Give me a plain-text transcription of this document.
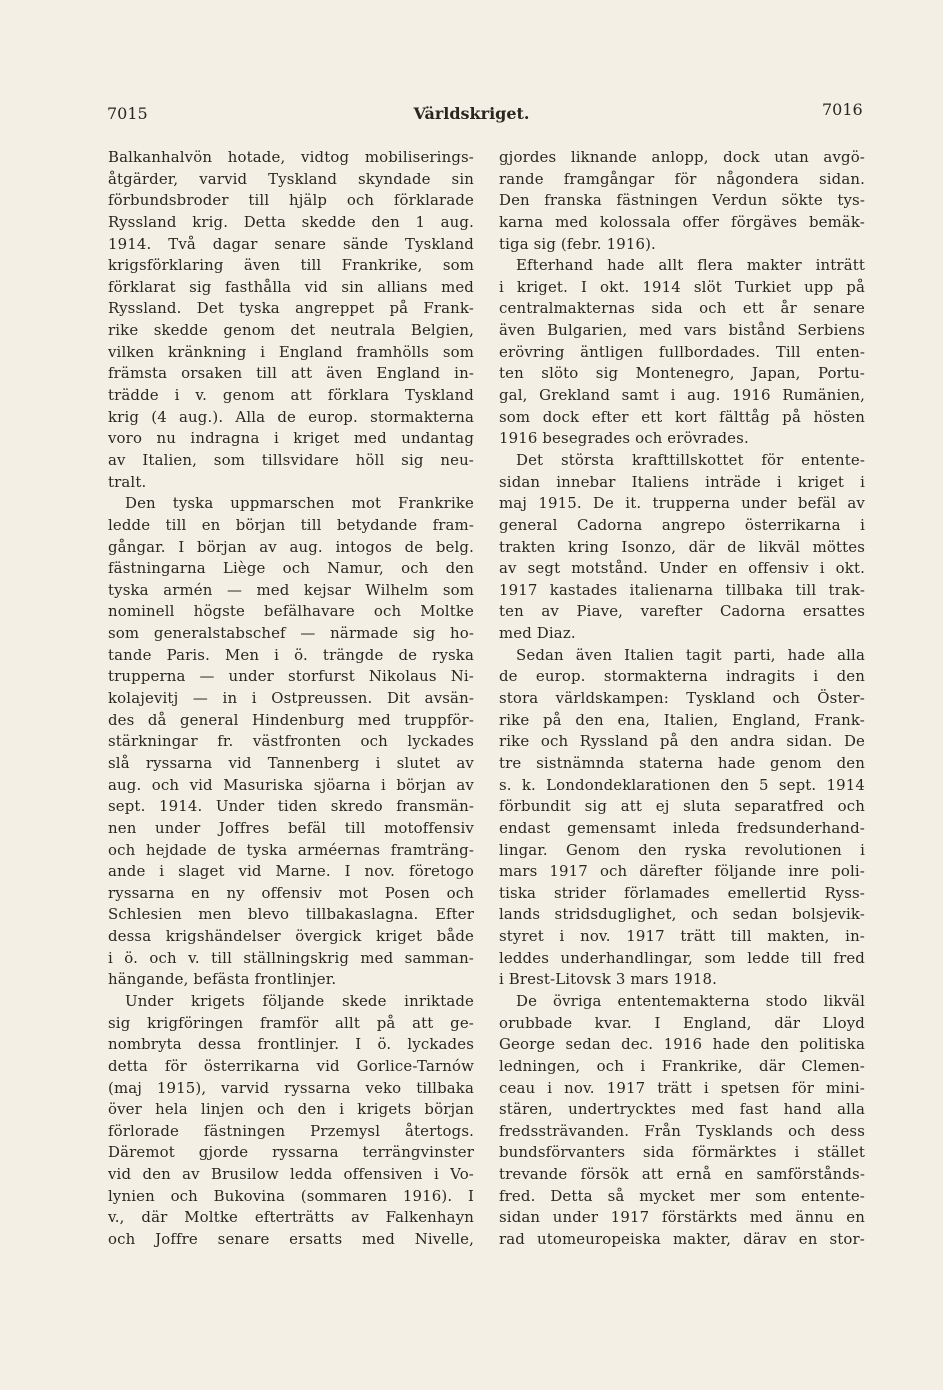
7015	Världskriget.	7016
Balkanhalvön hotade, vidtog mobiliserings-
åtgärder, varvid Tyskland skyndade sin
förbundsbroder till hjälp och förklarade
Ryssland krig. Detta skedde den 1 aug.
1914. Två dagar senare sände Tyskland
krigsförklaring även till Frankrike, som
förklarat sig fasthålla vid sin allians med
Ryssland. Det tyska angreppet på Frank-
rike skedde genom det neutrala Belgien,
vilken kränkning i England framhölls som
främsta orsaken till att även England in-
trädde i v. genom att förklara Tyskland
krig (4 aug.). Alla de europ. stormakterna
voro nu indragna i kriget med undantag
av Italien, som tillsvidare höll sig neu-
tralt.
Den tyska uppmarschen mot Frankrike
ledde till en början till betydande fram-
gångar. I början av aug. intogos de belg.
fästningarna Liège och Namur, och den
tyska armén — med kejsar Wilhelm som
nominell högste befälhavare och Moltke
som generalstabschef — närmade sig ho-
tande Paris. Men i ö. trängde de ryska
trupperna — under storfurst Nikolaus Ni-
kolajevitj — in i Ostpreussen. Dit avsän-
des då general Hindenburg med truppför-
stärkningar fr. västfronten och lyckades
slå ryssarna vid Tannenberg i slutet av
aug. och vid Masuriska sjöarna i början av
sept. 1914. Under tiden skredo fransmän-
nen under Joffres befäl till motoffensiv
och hejdade de tyska arméernas framträng-
ande i slaget vid Marne. I nov. företogo
ryssarna en ny offensiv mot Posen och
Schlesien men blevo tillbakaslagna. Efter
dessa krigshändelser övergick kriget både
i ö. och v. till ställningskrig med samman-
hängande, befästa frontlinjer.
Under krigets följande skede inriktade
sig krigföringen framför allt på att ge-
nombryta dessa frontlinjer. I ö. lyckades
detta för österrikarna vid Gorlice-Tarnów
(maj 1915), varvid ryssarna veko tillbaka
över hela linjen och den i krigets början
förlorade fästningen Przemysl återtogs.
Däremot gjorde ryssarna terrängvinster
vid den av Brusilow ledda offensiven i Vo-
lynien och Bukovina (sommaren 1916). I
v., där Moltke efterträtts av Falkenhayn
och Joffre senare ersatts med Nivelle,
gjordes liknande anlopp, dock utan avgö-
rande framgångar för någondera sidan.
Den franska fästningen Verdun sökte tys-
karna med kolossala offer förgäves bemäk-
tiga sig (febr. 1916).
Efterhand hade allt flera makter inträtt
i kriget. I okt. 1914 slöt Turkiet upp på
centralmakternas sida och ett år senare
även Bulgarien, med vars bistånd Serbiens
erövring äntligen fullbordades. Till enten-
ten slöto sig Montenegro, Japan, Portu-
gal, Grekland samt i aug. 1916 Rumänien,
som dock efter ett kort fälttåg på hösten
1916 besegrades och erövrades.
Det största krafttillskottet för entente-
sidan innebar Italiens inträde i kriget i
maj 1915. De it. trupperna under befäl av
general Cadorna angrepo österrikarna i
trakten kring Isonzo, där de likväl möttes
av segt motstånd. Under en offensiv i okt.
1917 kastades italienarna tillbaka till trak-
ten av Piave, varefter Cadorna ersattes
med Diaz.
Sedan även Italien tagit parti, hade alla
de europ. stormakterna indragits i den
stora världskampen: Tyskland och Öster-
rike på den ena, Italien, England, Frank-
rike och Ryssland på den andra sidan. De
tre sistnämnda staterna hade genom den
s. k. Londondeklarationen den 5 sept. 1914
förbundit sig att ej sluta separatfred och
endast gemensamt inleda fredsunderhand-
lingar. Genom den ryska revolutionen i
mars 1917 och därefter följande inre poli-
tiska strider förlamades emellertid Ryss-
lands stridsduglighet, och sedan bolsjevik-
styret i nov. 1917 trätt till makten, in-
leddes underhandlingar, som ledde till fred
i Brest-Litovsk 3 mars 1918.
De övriga ententemakterna stodo likväl
orubbade kvar. I England, där Lloyd
George sedan dec. 1916 hade den politiska
ledningen, och i Frankrike, där Clemen-
ceau i nov. 1917 trätt i spetsen för mini-
stären, undertrycktes med fast hand alla
fredssträvanden. Från Tysklands och dess
bundsförvanters sida förmärktes i stället
trevande försök att ernå en samförstånds-
fred. Detta så mycket mer som entente-
sidan under 1917 förstärkts med ännu en
rad utomeuropeiska makter, därav en stor-
